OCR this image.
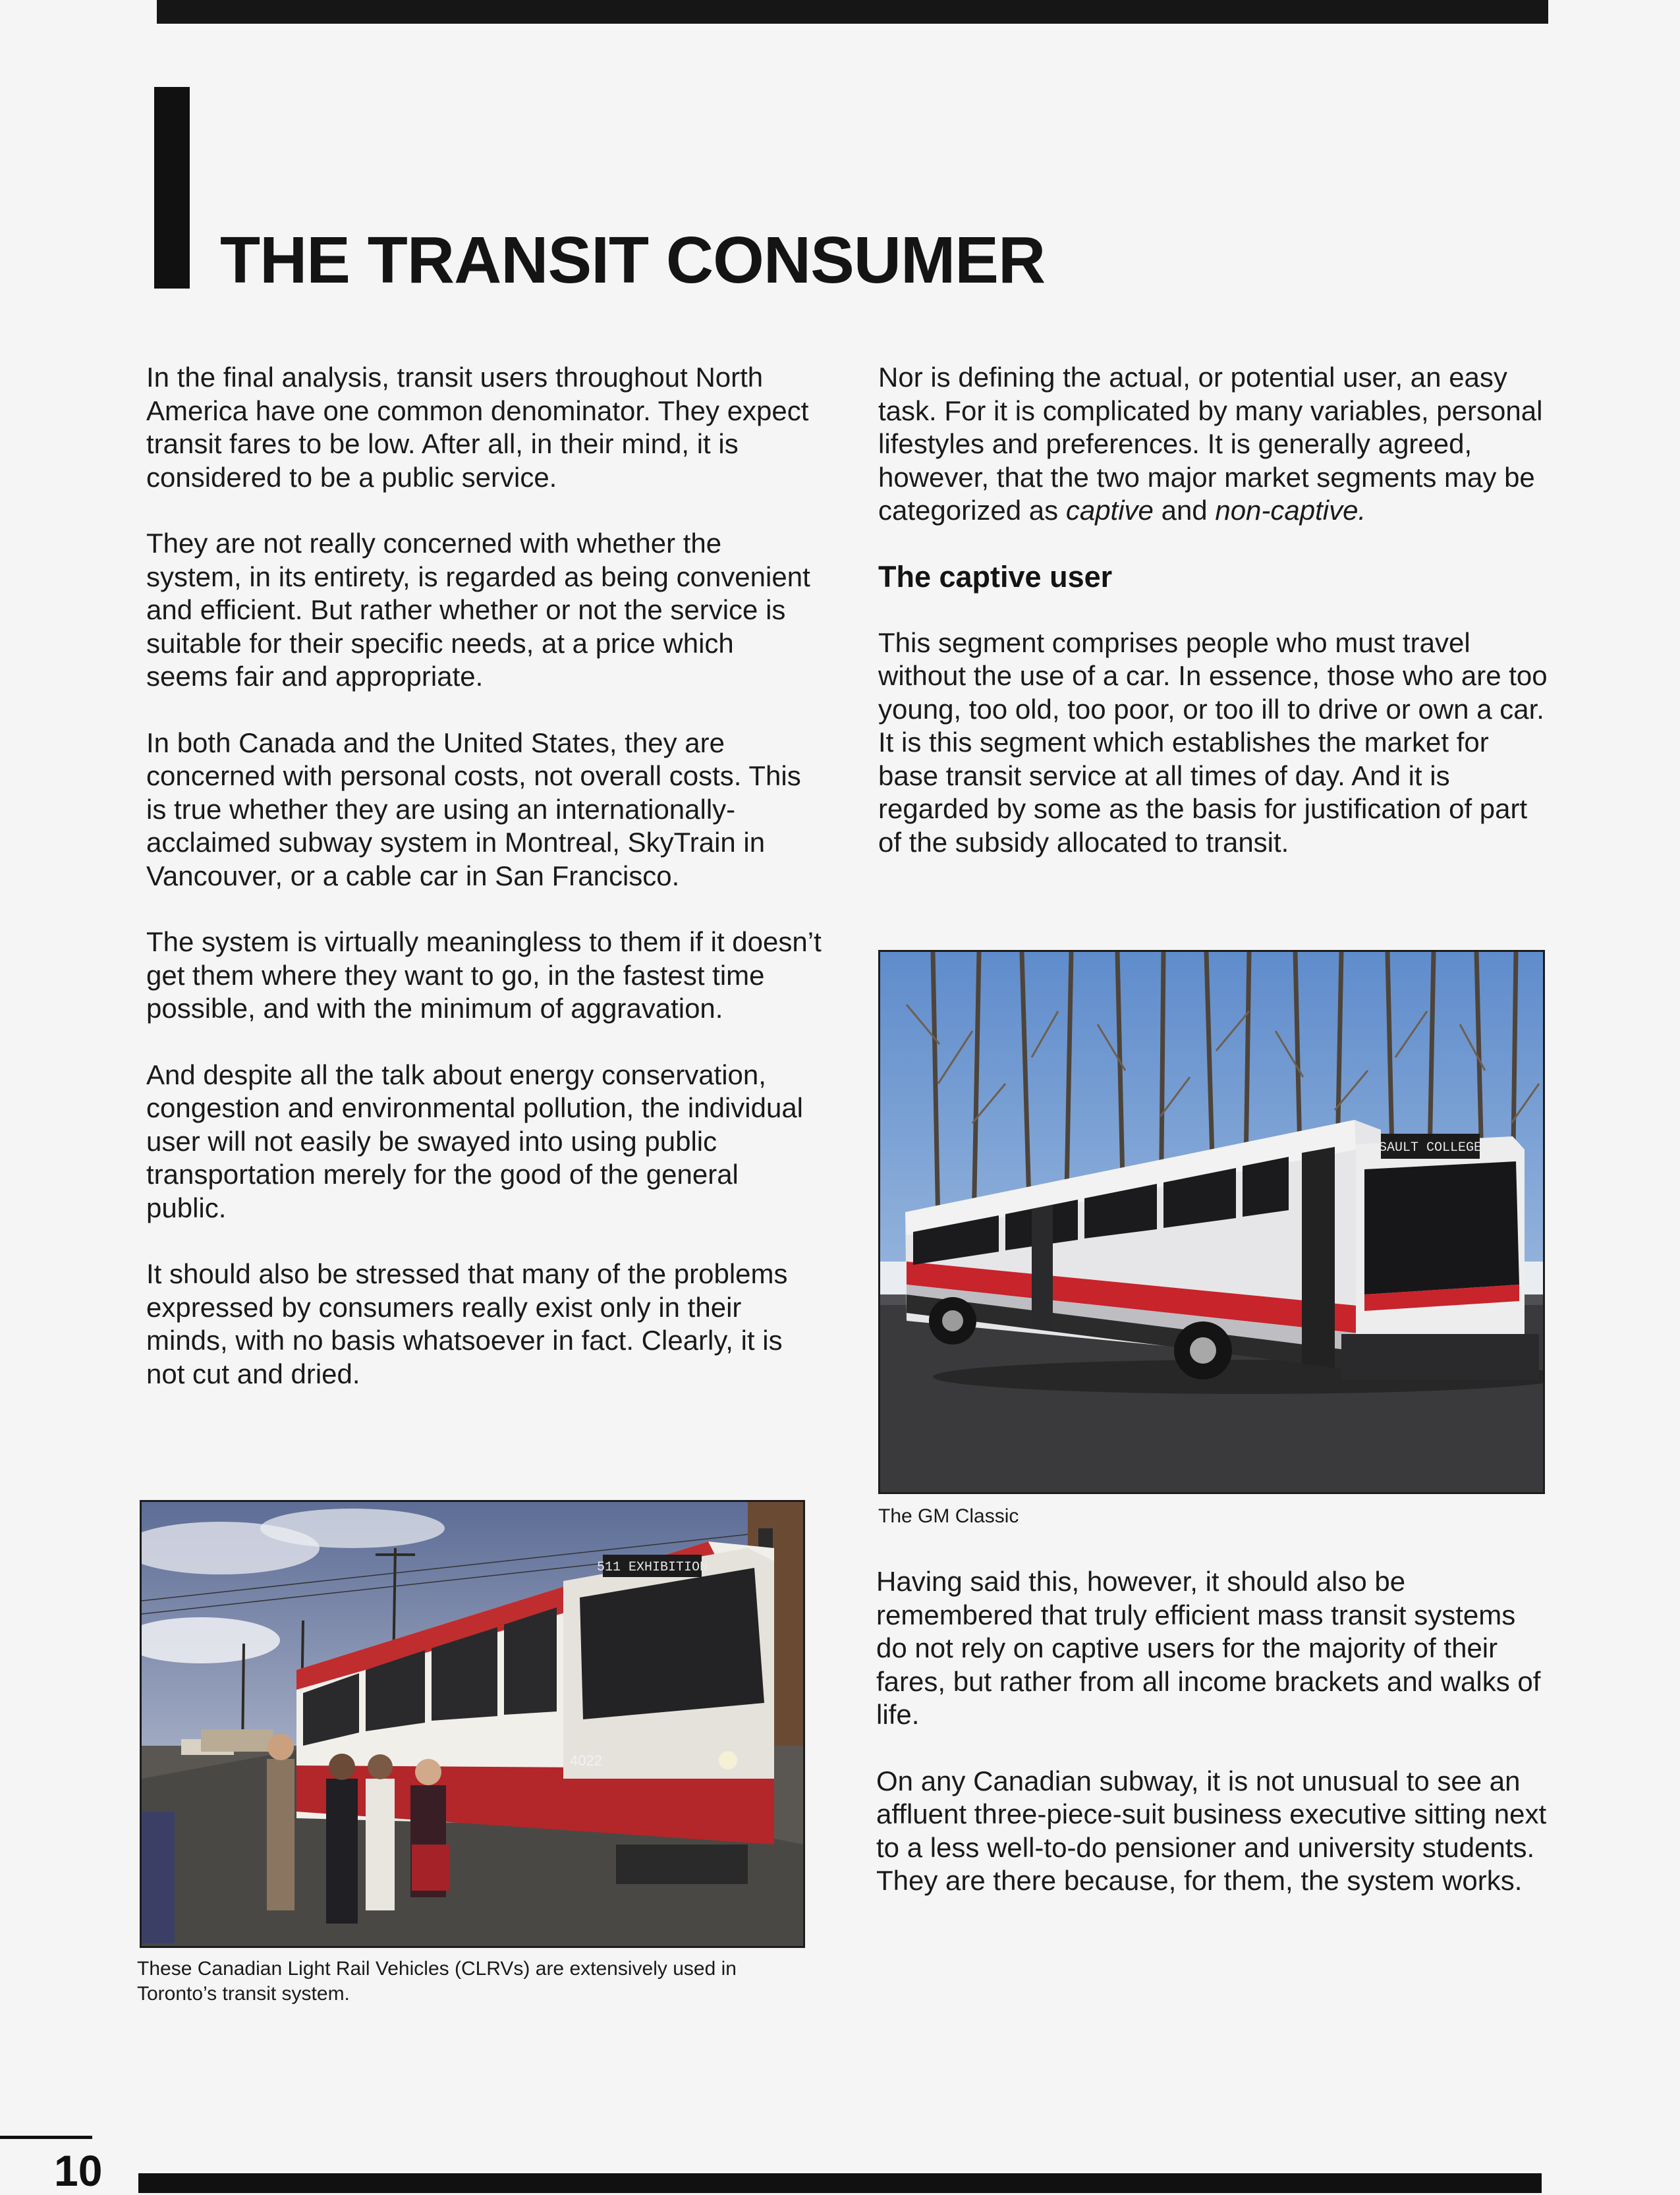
THE TRANSIT CONSUMER

In the final analysis, transit users throughout North America have one common denominator. They expect transit fares to be low. After all, in their mind, it is considered to be a public service.

They are not really concerned with whether the system, in its entirety, is regarded as being convenient and efficient. But rather whether or not the service is suitable for their specific needs, at a price which seems fair and appropriate.

In both Canada and the United States, they are concerned with personal costs, not overall costs. This is true whether they are using an internationally-acclaimed subway system in Montreal, SkyTrain in Vancouver, or a cable car in San Francisco.

The system is virtually meaningless to them if it doesn’t get them where they want to go, in the fastest time possible, and with the minimum of aggravation.

And despite all the talk about energy conservation, congestion and environmental pollution, the individual user will not easily be swayed into using public transportation merely for the good of the general public.

It should also be stressed that many of the problems expressed by consumers really exist only in their minds, with no basis whatsoever in fact. Clearly, it is not cut and dried.

Nor is defining the actual, or potential user, an easy task. For it is complicated by many variables, personal lifestyles and preferences. It is generally agreed, however, that the two major market segments may be categorized as captive and non-captive.

The captive user

This segment comprises people who must travel without the use of a car. In essence, those who are too young, too old, too poor, or too ill to drive or own a car. It is this segment which establishes the market for base transit service at all times of day. And it is regarded by some as the basis for justification of part of the subsidy allocated to transit.

SAULT COLLEGE
The GM Classic

Having said this, however, it should also be remembered that truly efficient mass transit systems do not rely on captive users for the majority of their fares, but rather from all income brackets and walks of life.

On any Canadian subway, it is not unusual to see an affluent three-piece-suit business executive sitting next to a less well-to-do pensioner and university students. They are there because, for them, the system works.

511 EXHIBITION
4022
These Canadian Light Rail Vehicles (CLRVs) are extensively used in Toronto’s transit system.
10
